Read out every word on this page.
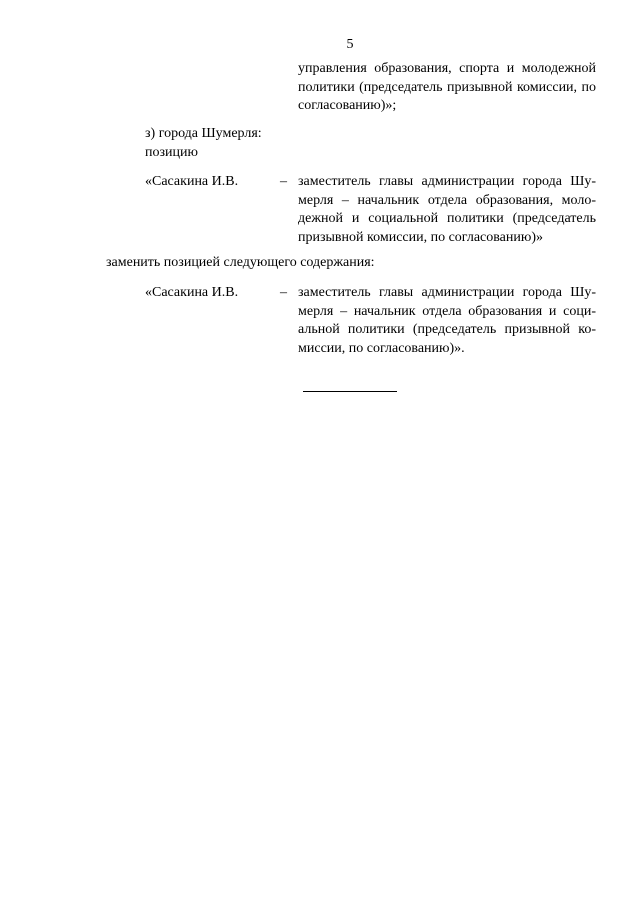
5
управления образования, спорта и молодежной
политики (председатель призывной комиссии, по
согласованию)»;
з) города Шумерля:
позицию
«Сасакина И.В.	– заместитель главы администрации города Шу-
мерля – начальник отдела образования, моло-
дежной и социальной политики (председатель
призывной комиссии, по согласованию)»
заменить позицией следующего содержания:
«Сасакина И.В.	– заместитель главы администрации города Шу-
мерля – начальник отдела образования и соци-
альной политики (председатель призывной ко-
миссии, по согласованию)».
